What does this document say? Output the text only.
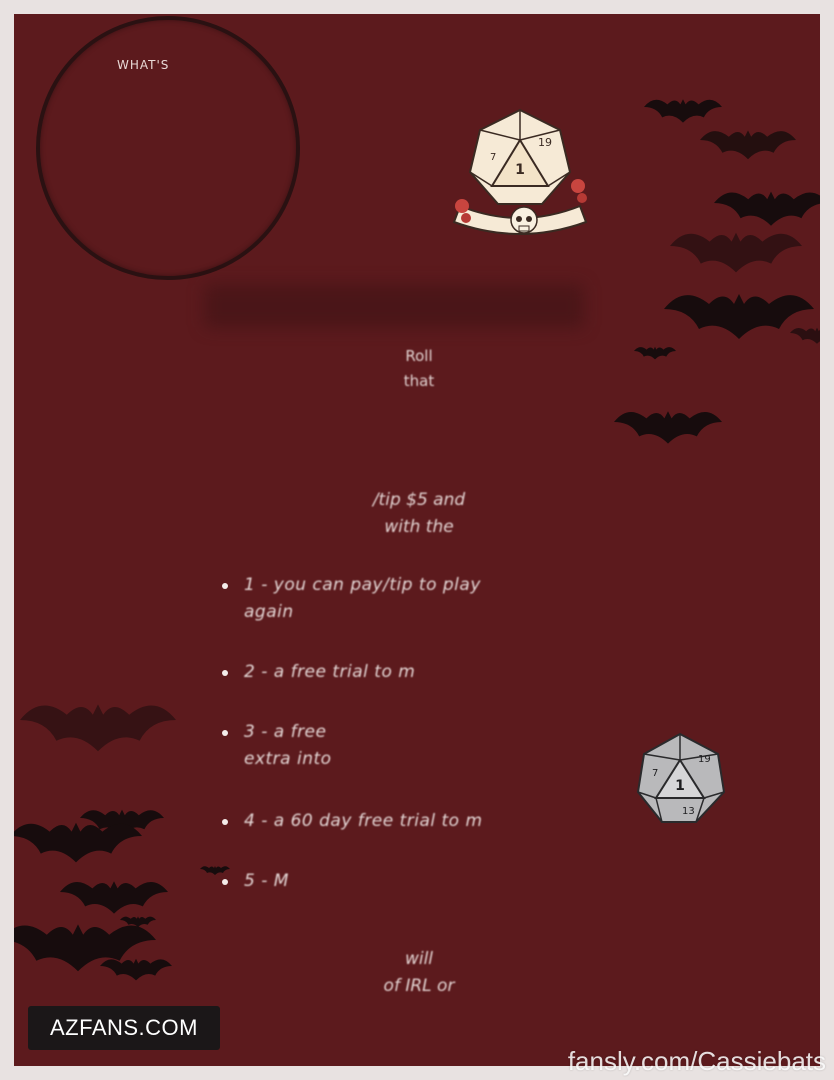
WHAT'S
1
19
7
Roll
that
/tip $5 and
with the
1 - you can pay/tip to play
again
2 - a free trial to m
3 - a free
extra into
4 - a 60 day free trial to m
5 - M
1
19
7
13
will
of IRL or
AZFANS.COM
fansly.com/Cassiebats
